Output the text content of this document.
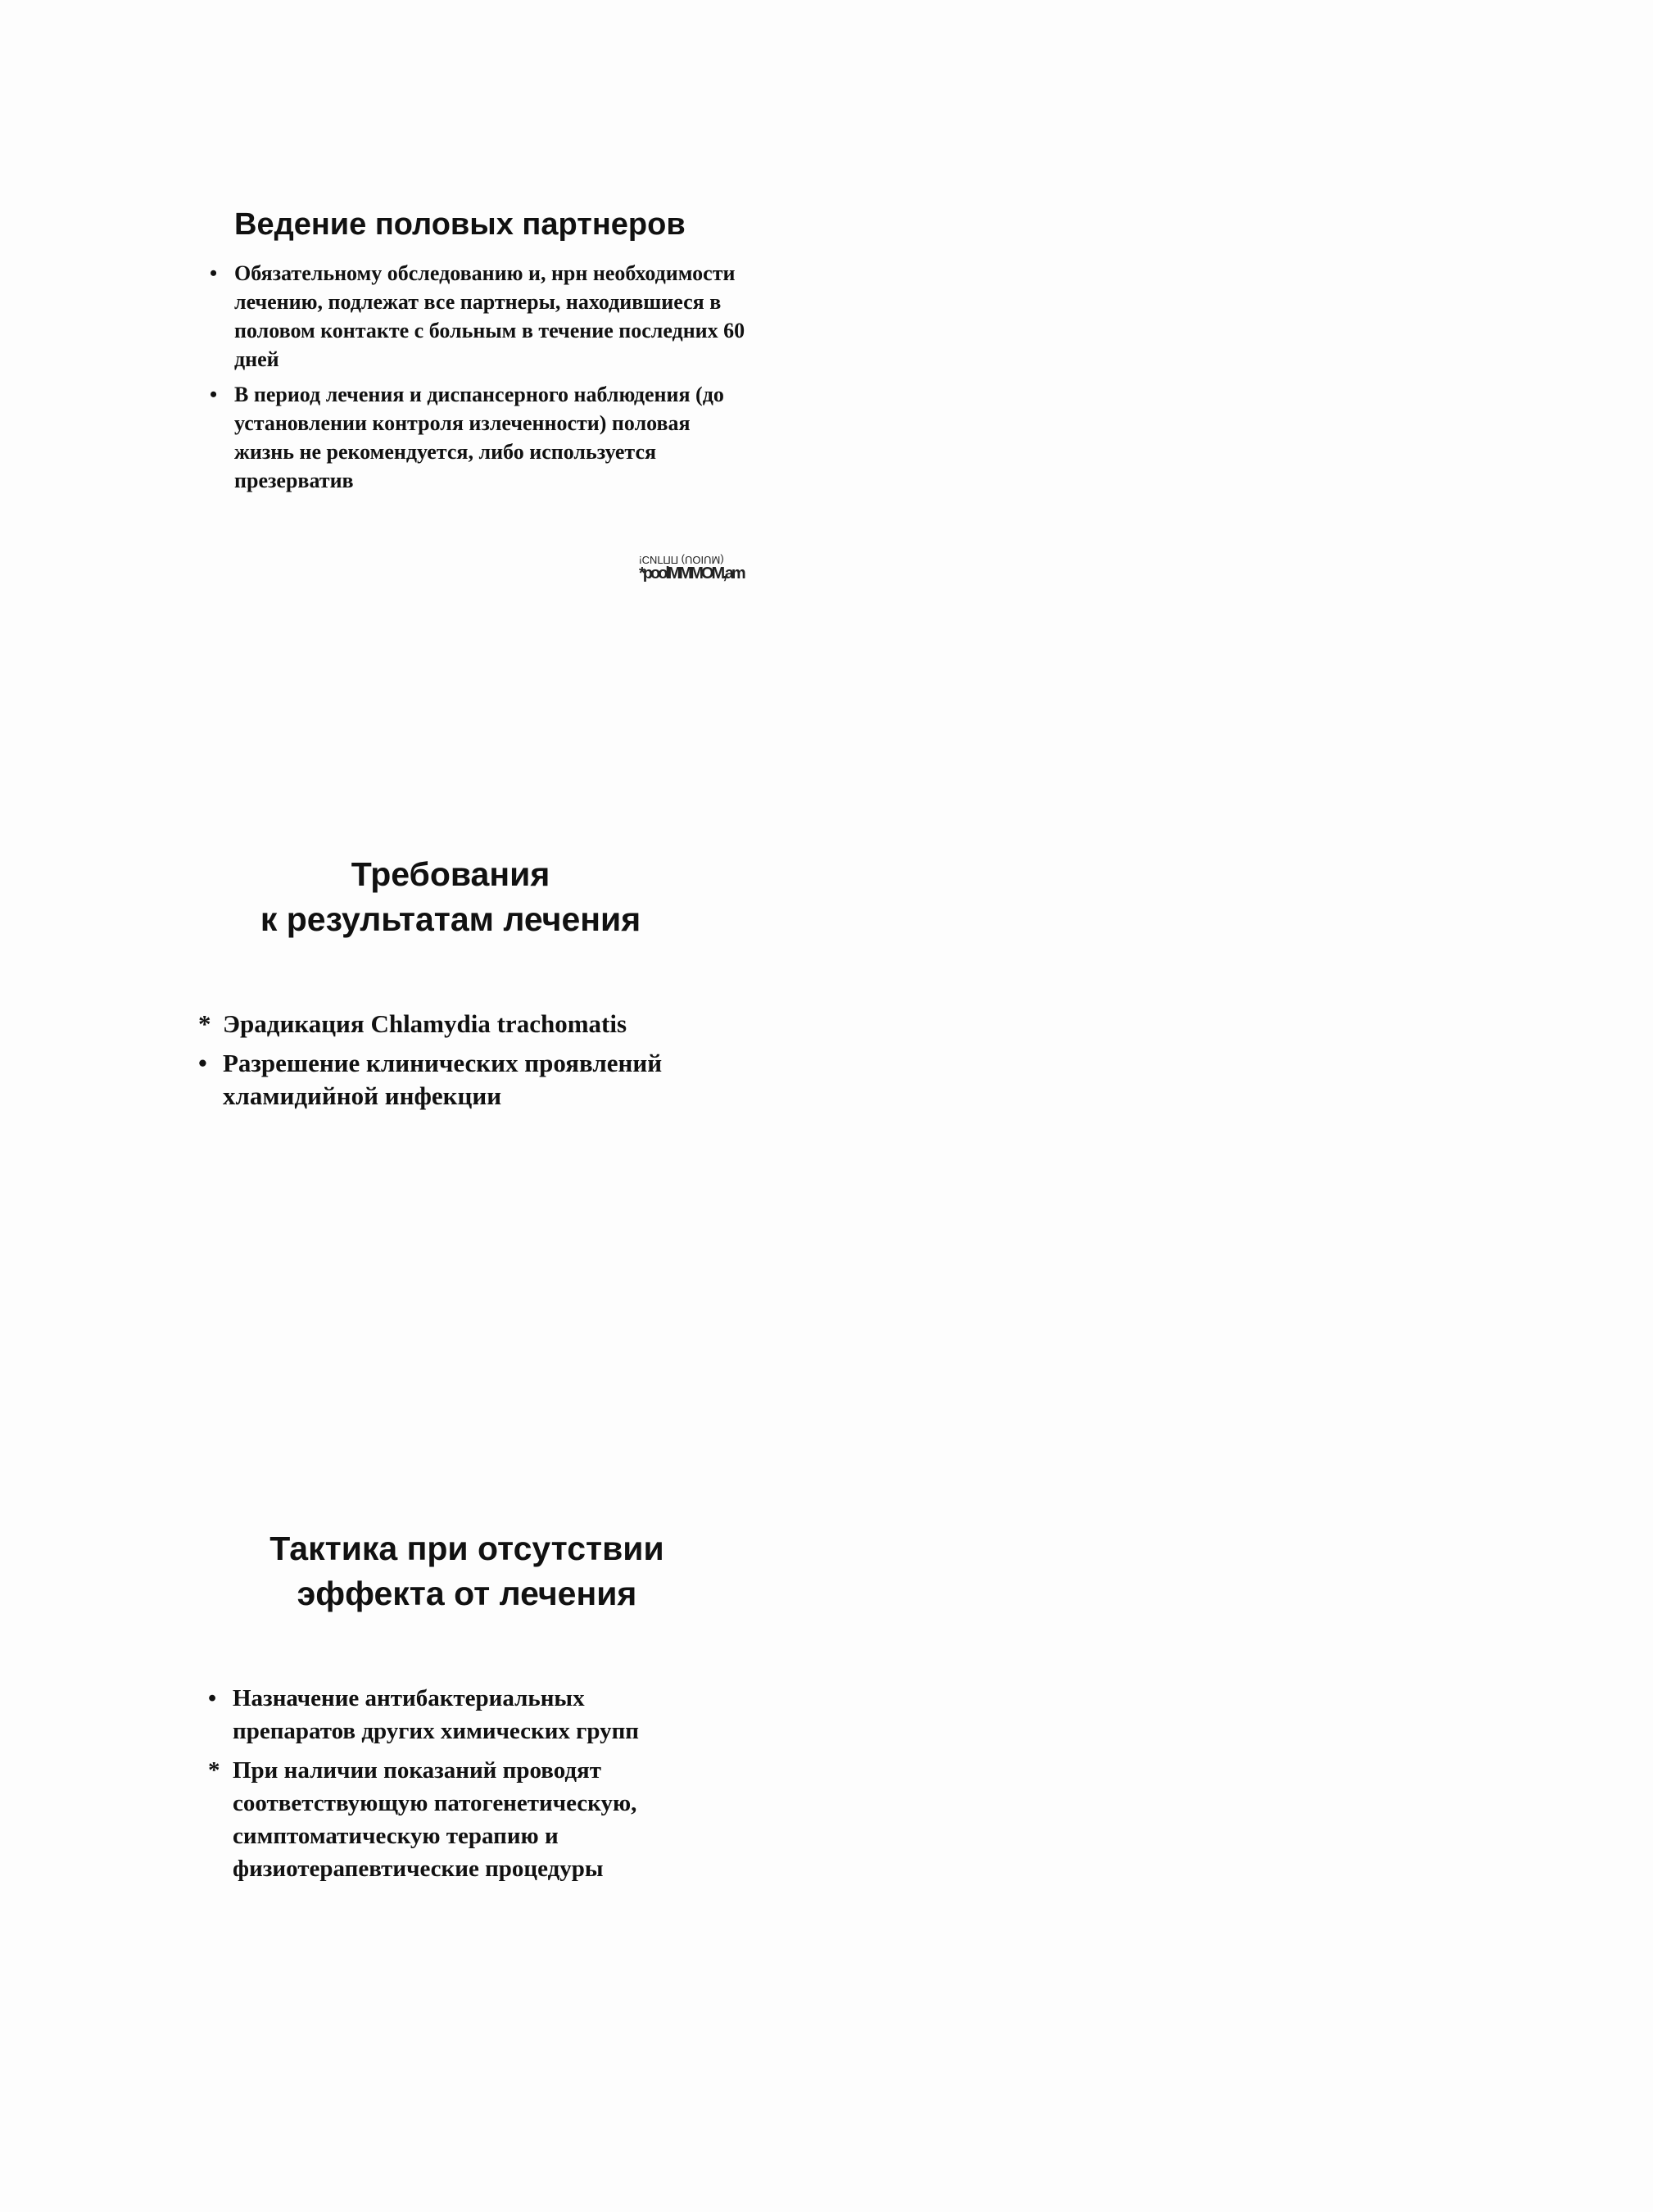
Ведение половых партнеров
• Обязательному обследованию и, нрн необходимости лечению, подлежат все партнеры, находившиеся в половом контакте с больным в течение последних 60 дней
• В период лечения и диспансерного наблюдения (до установлении контроля излеченности) половая жизнь не рекомендуется, либо используется презерватив
!СИГПП (UOIUM)
*poolMMMOM,am
Требования
к результатам лечения
* Эрадикация Chlamydia trachomatis
• Разрешение клинических проявлений хламидийной инфекции
Тактика при отсутствии
эффекта от лечения
• Назначение антибактериальных препаратов других химических групп
* При наличии показаний проводят соответствующую патогенетическую, симптоматическую терапию и физиотерапевтические процедуры
